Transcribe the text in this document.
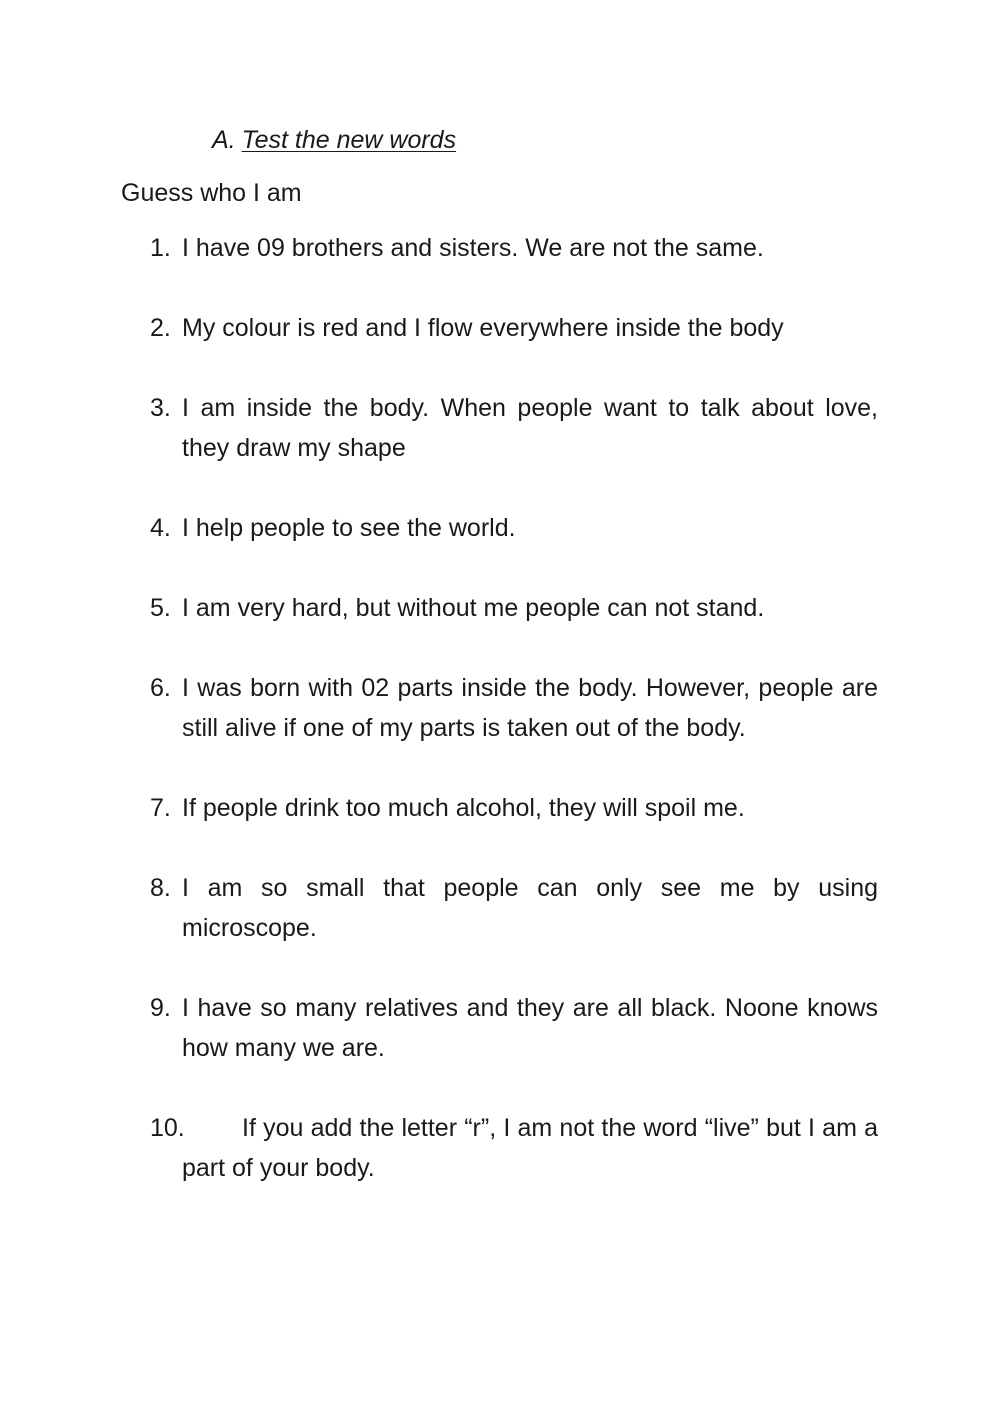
A. Test the new words
Guess who I am
1. I have 09 brothers and sisters. We are not the same.
2. My colour is red and I flow everywhere inside the body
3. I am inside the body. When people want to talk about love, they draw my shape
4. I help people to see the world.
5. I am very hard, but without me people can not stand.
6. I was born with 02 parts inside the body. However, people are still alive if one of my parts is taken out of the body.
7. If people drink too much alcohol, they will spoil me.
8. I am so small that people can only see me by using microscope.
9. I have so many relatives and they are all black. Noone knows how many we are.
10.	If you add the letter “r”, I am not the word “live” but I am a part of your body.
